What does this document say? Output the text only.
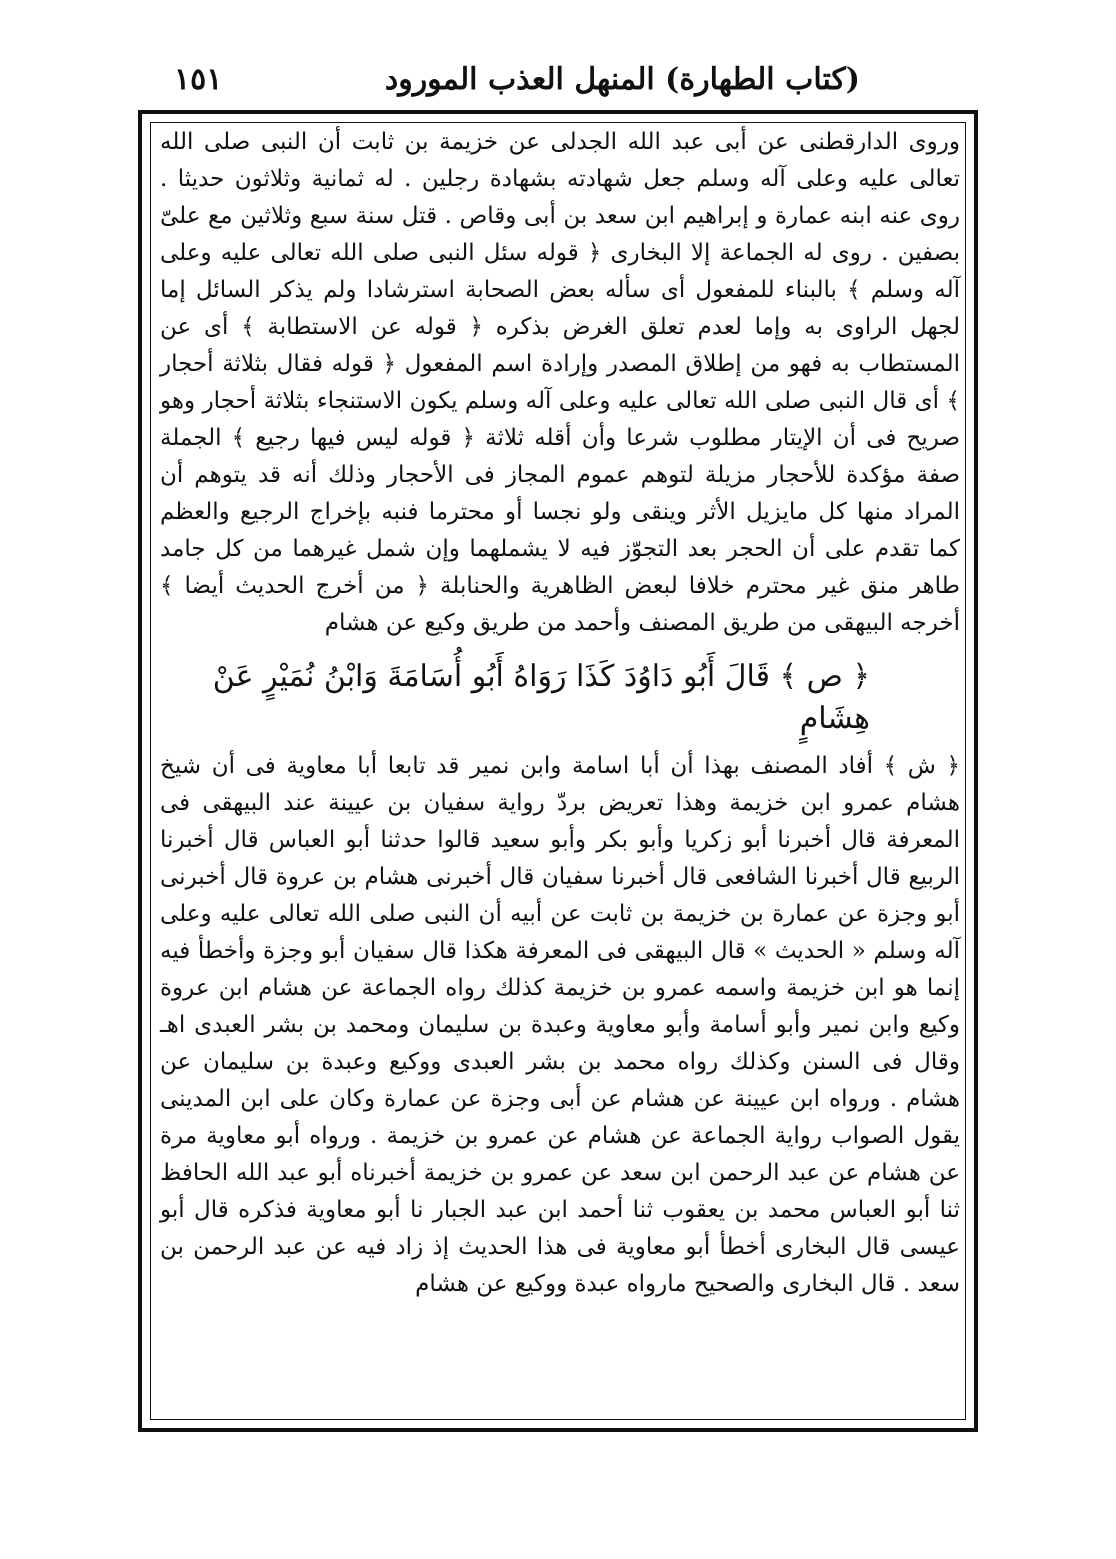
(كتاب الطهارة) المنهل العذب المورود
١٥١

وروى الدارقطنى عن أبى عبد الله الجدلى عن خزيمة بن ثابت أن النبى صلى الله تعالى عليه وعلى آله وسلم جعل شهادته بشهادة رجلين . له ثمانية وثلاثون حديثا . روى عنه ابنه عمارة و إبراهيم ابن سعد بن أبى وقاص . قتل سنة سبع وثلاثين مع علىّ بصفين . روى له الجماعة إلا البخارى ﴿ قوله سئل النبى صلى الله تعالى عليه وعلى آله وسلم ﴾ بالبناء للمفعول أى سأله بعض الصحابة استرشادا ولم يذكر السائل إما لجهل الراوى به وإما لعدم تعلق الغرض بذكره ﴿ قوله عن الاستطابة ﴾ أى عن المستطاب به فهو من إطلاق المصدر وإرادة اسم المفعول ﴿ قوله فقال بثلاثة أحجار ﴾ أى قال النبى صلى الله تعالى عليه وعلى آله وسلم يكون الاستنجاء بثلاثة أحجار وهو صريح فى أن الإيتار مطلوب شرعا وأن أقله ثلاثة ﴿ قوله ليس فيها رجيع ﴾ الجملة صفة مؤكدة للأحجار مزيلة لتوهم عموم المجاز فى الأحجار وذلك أنه قد يتوهم أن المراد منها كل مايزيل الأثر وينقى ولو نجسا أو محترما فنبه بإخراج الرجيع والعظم كما تقدم على أن الحجر بعد التجوّز فيه لا يشملهما وإن شمل غيرهما من كل جامد طاهر منق غير محترم خلافا لبعض الظاهرية والحنابلة ﴿ من أخرج الحديث أيضا ﴾ أخرجه البيهقى من طريق المصنف وأحمد من طريق وكيع عن هشام

﴿ ص ﴾ قَالَ أَبُو دَاوُدَ كَذَا رَوَاهُ أَبُو أُسَامَةَ وَابْنُ نُمَيْرٍ عَنْ هِشَامٍ

﴿ ش ﴾ أفاد المصنف بهذا أن أبا اسامة وابن نمير قد تابعا أبا معاوية فى أن شيخ هشام عمرو ابن خزيمة وهذا تعريض بردّ رواية سفيان بن عيينة عند البيهقى فى المعرفة قال أخبرنا أبو زكريا وأبو بكر وأبو سعيد قالوا حدثنا أبو العباس قال أخبرنا الربيع قال أخبرنا الشافعى قال أخبرنا سفيان قال أخبرنى هشام بن عروة قال أخبرنى أبو وجزة عن عمارة بن خزيمة بن ثابت عن أبيه أن النبى صلى الله تعالى عليه وعلى آله وسلم « الحديث » قال البيهقى فى المعرفة هكذا قال سفيان أبو وجزة وأخطأ فيه إنما هو ابن خزيمة واسمه عمرو بن خزيمة كذلك رواه الجماعة عن هشام ابن عروة وكيع وابن نمير وأبو أسامة وأبو معاوية وعبدة بن سليمان ومحمد بن بشر العبدى اهـ وقال فى السنن وكذلك رواه محمد بن بشر العبدى ووكيع وعبدة بن سليمان عن هشام . ورواه ابن عيينة عن هشام عن أبى وجزة عن عمارة وكان على ابن المدينى يقول الصواب رواية الجماعة عن هشام عن عمرو بن خزيمة . ورواه أبو معاوية مرة عن هشام عن عبد الرحمن ابن سعد عن عمرو بن خزيمة أخبرناه أبو عبد الله الحافظ ثنا أبو العباس محمد بن يعقوب ثنا أحمد ابن عبد الجبار نا أبو معاوية فذكره قال أبو عيسى قال البخارى أخطأ أبو معاوية فى هذا الحديث إذ زاد فيه عن عبد الرحمن بن سعد . قال البخارى والصحيح مارواه عبدة ووكيع عن هشام
